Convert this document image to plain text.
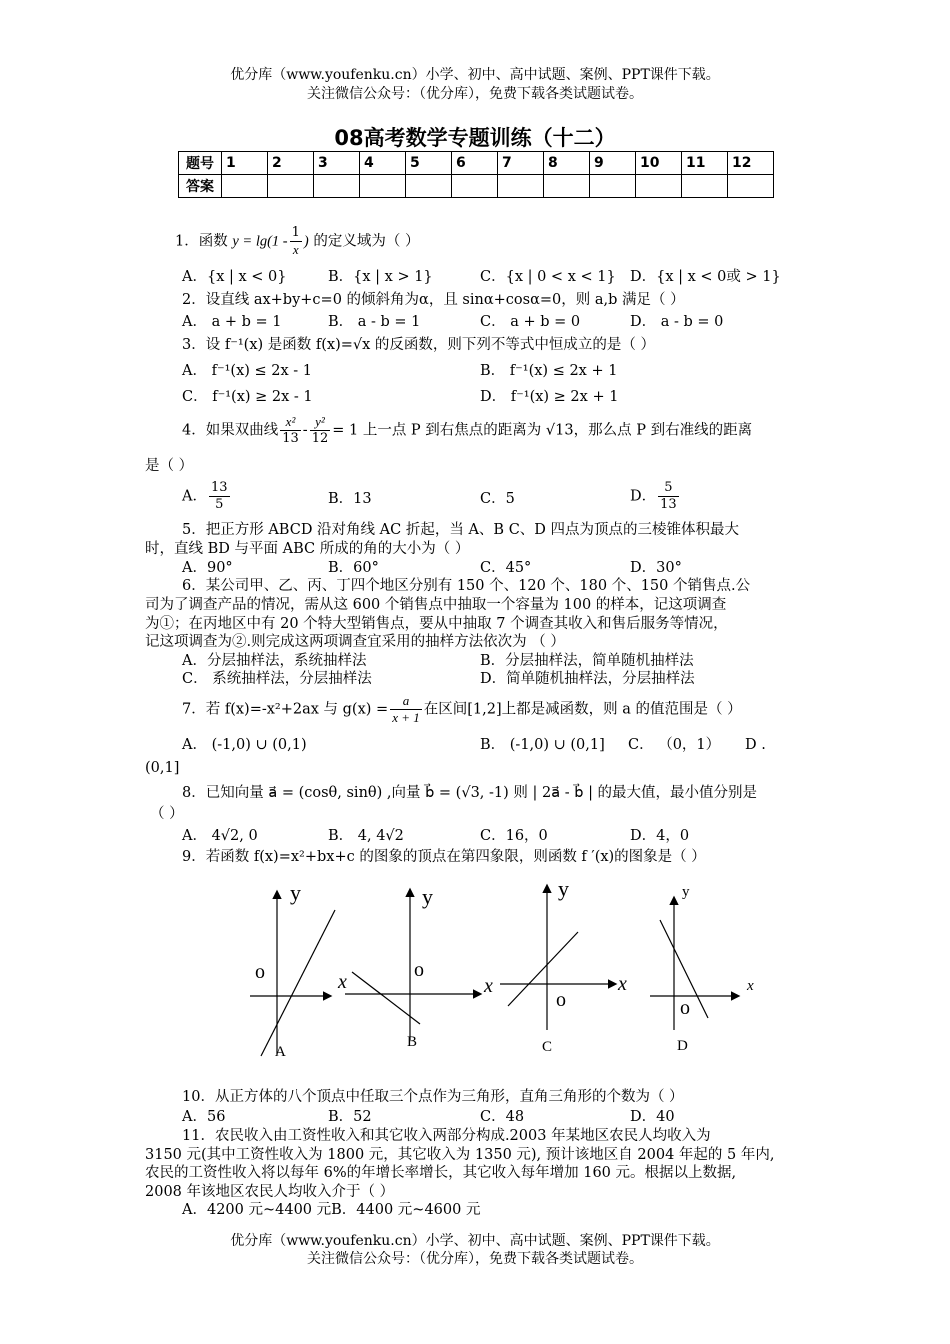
优分库（www.youfenku.cn）小学、初中、高中试题、案例、PPT课件下载。
关注微信公众号：（优分库），免费下载各类试题试卷。
08高考数学专题训练（十二）
题号	1	2	3	4	5	6	7	8	9	10	11	12
答案												
1．函数 $y = \lg(1 - \frac{1}{x}$ ) 的定义域为（ ）
A．{x | x < 0}	B．{x | x > 1}	C．{x | 0 < x < 1} D．{x | x < 0或 > 1}
2．设直线 ax+by+c=0 的倾斜角为α，且 sinα+cosα=0，则 a,b 满足（ ）
A． a + b = 1	B． a - b = 1	C． a + b = 0	D． a - b = 0
3．设 f⁻¹(x) 是函数 f(x)=√x 的反函数，则下列不等式中恒成立的是（ ）
A． f⁻¹(x) ≤ 2x - 1	B． f⁻¹(x) ≤ 2x + 1
C． f⁻¹(x) ≥ 2x - 1	D． f⁻¹(x) ≥ 2x + 1
4．如果双曲线 $\frac{\text{x²}}{13} - \frac{\text{y²}}{12} = 1$ 上一点 P 到右焦点的距离为 √13，那么点 P 到右准线的距离
是（ ）
A． $\frac{13}{5}$	B．13	C．5	D． $\frac{5}{13}$
5．把正方形 ABCD 沿对角线 AC 折起，当 A、B C、D 四点为顶点的三棱锥体积最大
时，直线 BD 与平面 ABC 所成的角的大小为（ ）
A．90°	B．60°	C．45°	D．30°
6．某公司甲、乙、丙、丁四个地区分别有 150 个、120 个、180 个、150 个销售点.公
司为了调查产品的情况，需从这 600 个销售点中抽取一个容量为 100 的样本，记这项调查
为①；在丙地区中有 20 个特大型销售点，要从中抽取 7 个调查其收入和售后服务等情况，
记这项调查为②.则完成这两项调查宜采用的抽样方法依次为 （ ）
A．分层抽样法，系统抽样法	B．分层抽样法，简单随机抽样法
C． 系统抽样法，分层抽样法	D．简单随机抽样法，分层抽样法
7．若 f(x)=-x²+2ax 与 $g(x) = \frac{a}{x + 1}$ 在区间[1,2]上都是减函数，则 a 的值范围是（ ）
A． (-1,0) ∪ (0,1)	B． (-1,0) ∪ (0,1] C． （0，1） D .
(0,1]
8．已知向量 a⃗ = (cosθ, sinθ) ,向量 b⃗ = (√3, -1) 则 | 2a⃗ - b⃗ | 的最大值，最小值分别是
（ ）
A． 4√2, 0	B． 4, 4√2	C．16，0	D．4，0
9．若函数 f(x)=x²+bx+c 的图象的顶点在第四象限，则函数 f ′(x)的图象是（ ）
y
x
o
A
y
x
o
B
y
x
o
C
y
x
o
D
10．从正方体的八个顶点中任取三个点作为三角形，直角三角形的个数为（ ）
A．56	B．52	C．48	D．40
11．农民收入由工资性收入和其它收入两部分构成.2003 年某地区农民人均收入为
3150 元(其中工资性收入为 1800 元，其它收入为 1350 元), 预计该地区自 2004 年起的 5 年内,
农民的工资性收入将以每年 6%的年增长率增长，其它收入每年增加 160 元。根据以上数据,
2008 年该地区农民人均收入介于（ ）
A．4200 元~4400 元B．4400 元~4600 元
优分库（www.youfenku.cn）小学、初中、高中试题、案例、PPT课件下载。
关注微信公众号：（优分库），免费下载各类试题试卷。
